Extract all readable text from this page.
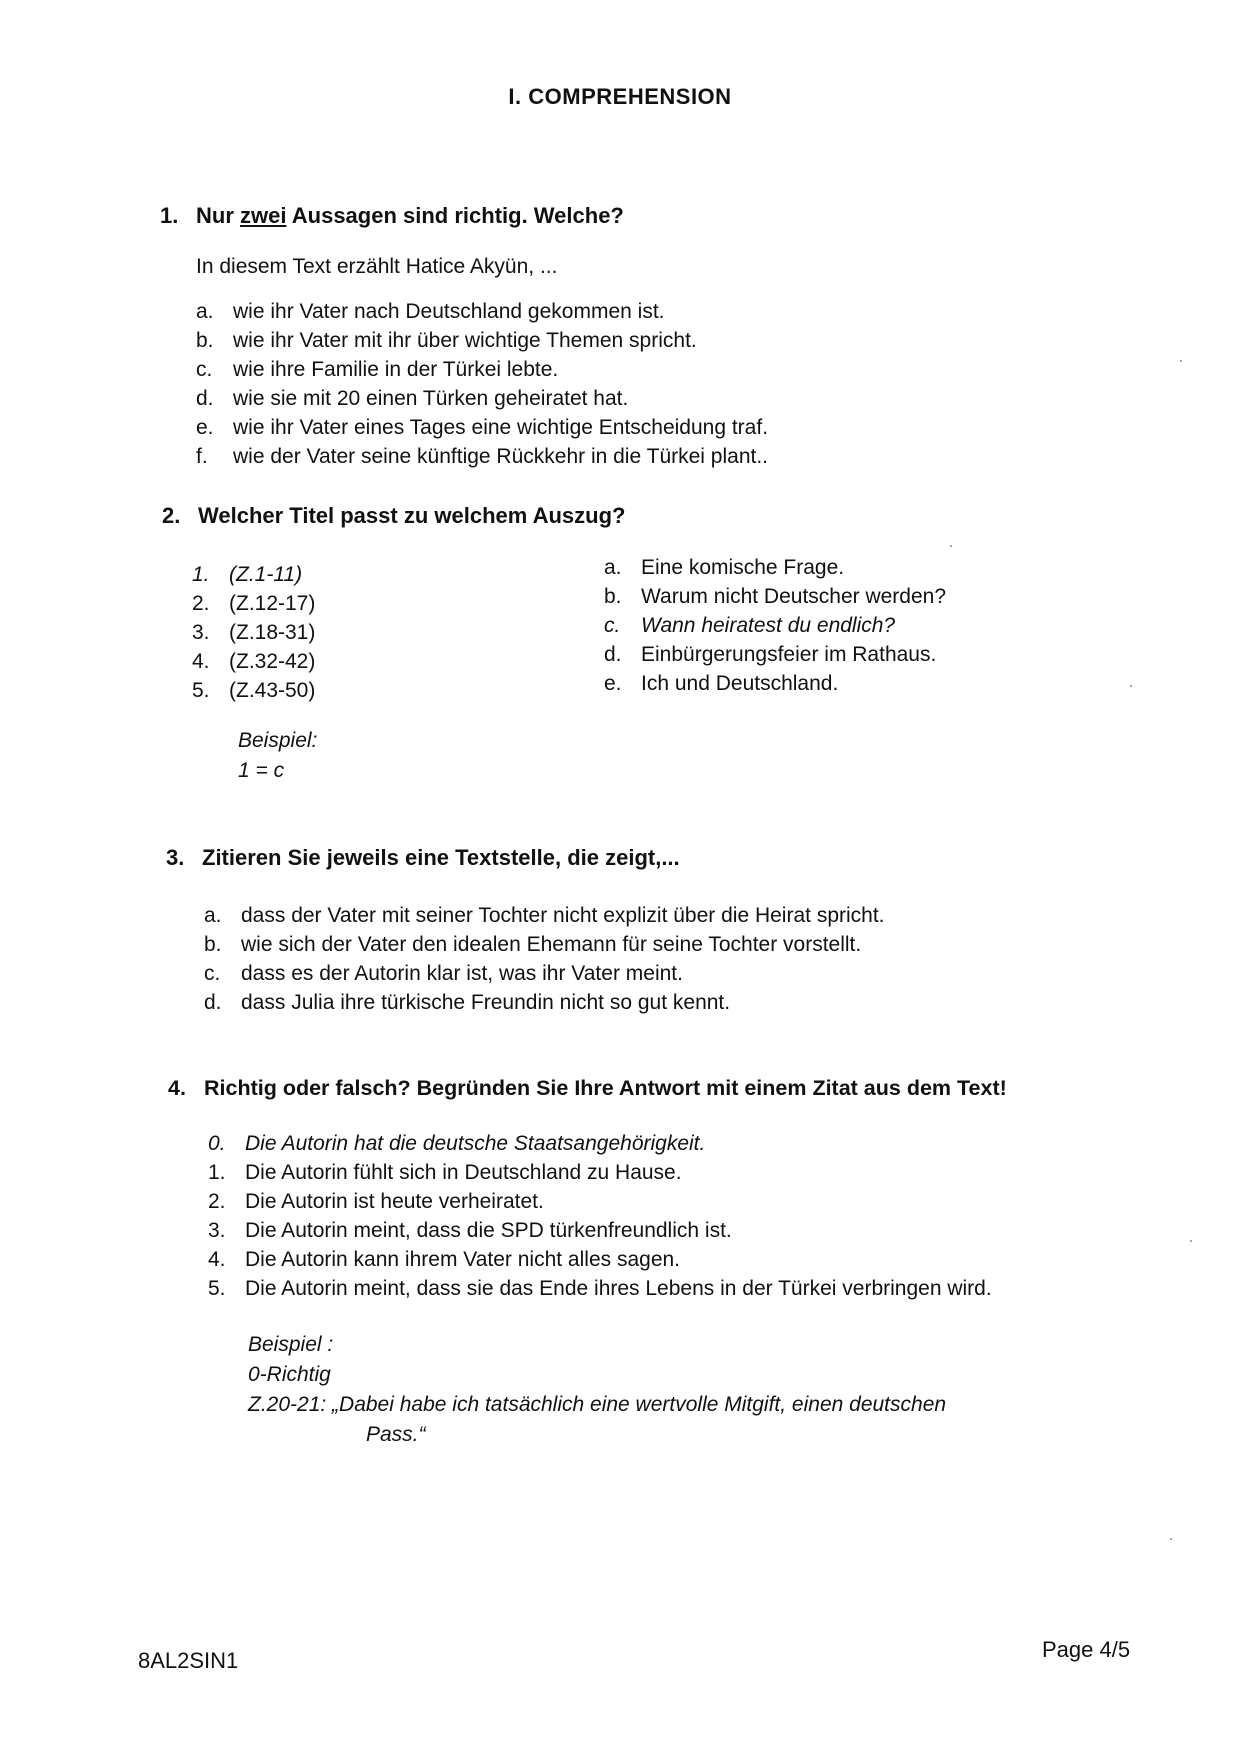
I. COMPREHENSION
1. Nur zwei Aussagen sind richtig. Welche?
In diesem Text erzählt Hatice Akyün, ...
a. wie ihr Vater nach Deutschland gekommen ist.
b. wie ihr Vater mit ihr über wichtige Themen spricht.
c. wie ihre Familie in der Türkei lebte.
d. wie sie mit 20 einen Türken geheiratet hat.
e. wie ihr Vater eines Tages eine wichtige Entscheidung traf.
f. wie der Vater seine künftige Rückkehr in die Türkei plant..
2. Welcher Titel passt zu welchem Auszug?
1. (Z.1-11)
2. (Z.12-17)
3. (Z.18-31)
4. (Z.32-42)
5. (Z.43-50)
a. Eine komische Frage.
b. Warum nicht Deutscher werden?
c. Wann heiratest du endlich?
d. Einbürgerungsfeier im Rathaus.
e. Ich und Deutschland.
Beispiel:
1 = c
3. Zitieren Sie jeweils eine Textstelle, die zeigt,...
a. dass der Vater mit seiner Tochter nicht explizit über die Heirat spricht.
b. wie sich der Vater den idealen Ehemann für seine Tochter vorstellt.
c. dass es der Autorin klar ist, was ihr Vater meint.
d. dass Julia ihre türkische Freundin nicht so gut kennt.
4. Richtig oder falsch? Begründen Sie Ihre Antwort mit einem Zitat aus dem Text!
0. Die Autorin hat die deutsche Staatsangehörigkeit.
1. Die Autorin fühlt sich in Deutschland zu Hause.
2. Die Autorin ist heute verheiratet.
3. Die Autorin meint, dass die SPD türkenfreundlich ist.
4. Die Autorin kann ihrem Vater nicht alles sagen.
5. Die Autorin meint, dass sie das Ende ihres Lebens in der Türkei verbringen wird.
Beispiel :
0-Richtig
Z.20-21: „Dabei habe ich tatsächlich eine wertvolle Mitgift, einen deutschen
Pass.“
8AL2SIN1	Page 4/5
